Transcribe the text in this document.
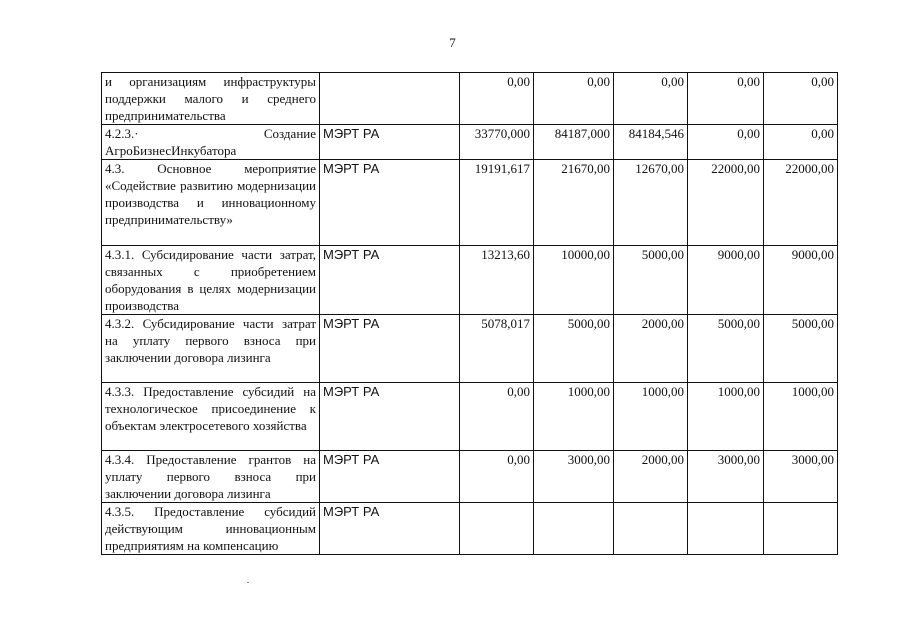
7
и организациям инфраструктуры поддержки малого и среднего предпринимательства		0,00	0,00	0,00	0,00	0,00
4.2.3.· Создание АгроБизнесИнкубатора	МЭРТ РА	33770,000	84187,000	84184,546	0,00	0,00
4.3. Основное мероприятие «Содействие развитию модернизации производства и инновационному предпринимательству»	МЭРТ РА	19191,617	21670,00	12670,00	22000,00	22000,00
4.3.1. Субсидирование части затрат, связанных с приобретением оборудования в целях модернизации производства	МЭРТ РА	13213,60	10000,00	5000,00	9000,00	9000,00
4.3.2. Субсидирование части затрат на уплату первого взноса при заключении договора лизинга	МЭРТ РА	5078,017	5000,00	2000,00	5000,00	5000,00
4.3.3. Предоставление субсидий на технологическое присоединение к объектам электросетевого хозяйства	МЭРТ РА	0,00	1000,00	1000,00	1000,00	1000,00
4.3.4. Предоставление грантов на уплату первого взноса при заключении договора лизинга	МЭРТ РА	0,00	3000,00	2000,00	3000,00	3000,00
4.3.5. Предоставление субсидий действующим инновационным предприятиям на компенсацию	МЭРТ РА					
